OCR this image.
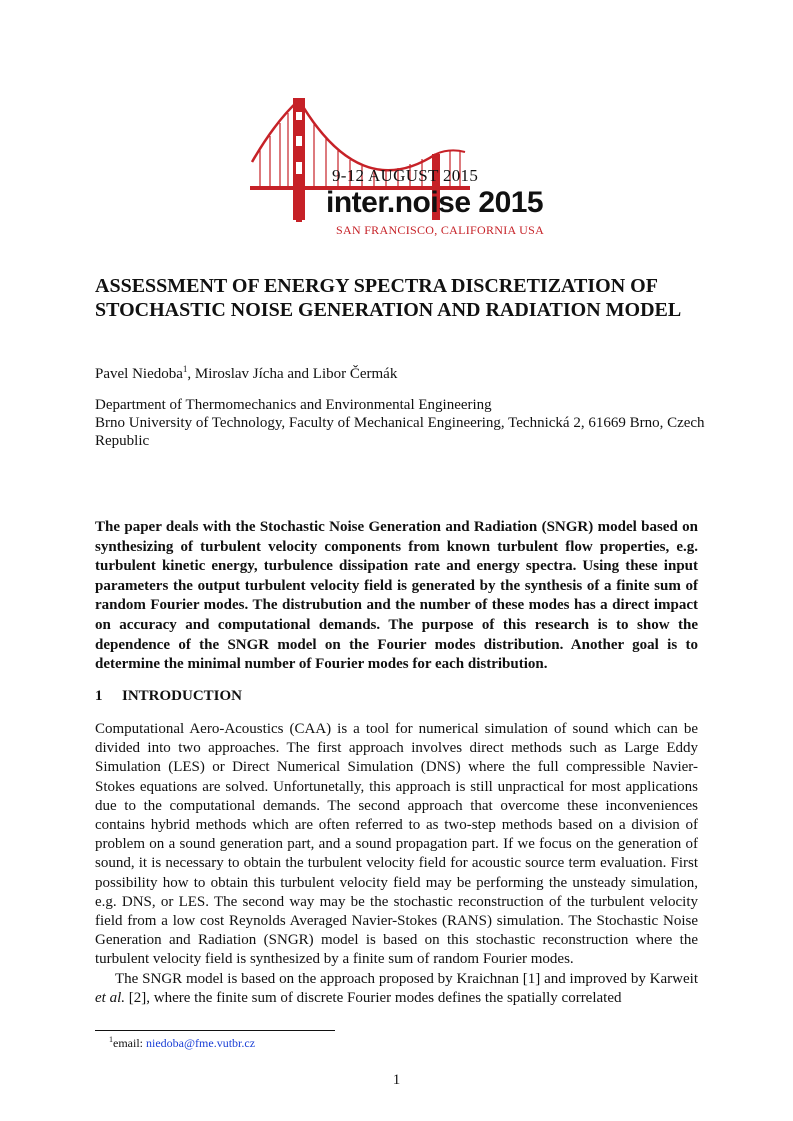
9-12 AUGUST 2015
inter.noise 2015
SAN FRANCISCO, CALIFORNIA USA
ASSESSMENT OF ENERGY SPECTRA DISCRETIZATION OF STOCHASTIC NOISE GENERATION AND RADIATION MODEL
Pavel Niedoba$^1$, Miroslav Jícha and Libor Čermák
Department of Thermomechanics and Environmental Engineering
Brno University of Technology, Faculty of Mechanical Engineering, Technická 2, 61669 Brno, Czech Republic

The paper deals with the Stochastic Noise Generation and Radiation (SNGR) model based on synthesizing of turbulent velocity components from known turbulent flow properties, e.g. turbulent kinetic energy, turbulence dissipation rate and energy spectra. Using these input parameters the output turbulent velocity field is generated by the synthesis of a finite sum of random Fourier modes. The distrubution and the number of these modes has a direct impact on accuracy and computational demands. The purpose of this research is to show the dependence of the SNGR model on the Fourier modes distribution. Another goal is to determine the minimal number of Fourier modes for each distribution.

1 INTRODUCTION

Computational Aero-Acoustics (CAA) is a tool for numerical simulation of sound which can be divided into two approaches. The first approach involves direct methods such as Large Eddy Simulation (LES) or Direct Numerical Simulation (DNS) where the full compressible Navier-Stokes equations are solved. Unfortunetally, this approach is still unpractical for most applications due to the computational demands. The second approach that overcome these inconveniences contains hybrid methods which are often referred to as two-step methods based on a division of problem on a sound generation part, and a sound propagation part. If we focus on the generation of sound, it is necessary to obtain the turbulent velocity field for acoustic source term evaluation. First possibility how to obtain this turbulent velocity field may be performing the unsteady simulation, e.g. DNS, or LES. The second way may be the stochastic reconstruction of the turbulent velocity field from a low cost Reynolds Averaged Navier-Stokes (RANS) simulation. The Stochastic Noise Generation and Radiation (SNGR) model is based on this stochastic reconstruction where the turbulent velocity field is synthesized by a finite sum of random Fourier modes.

The SNGR model is based on the approach proposed by Kraichnan [1] and improved by Karweit et al. [2], where the finite sum of discrete Fourier modes defines the spatially correlated

$^1$email: niedoba@fme.vutbr.cz
1
